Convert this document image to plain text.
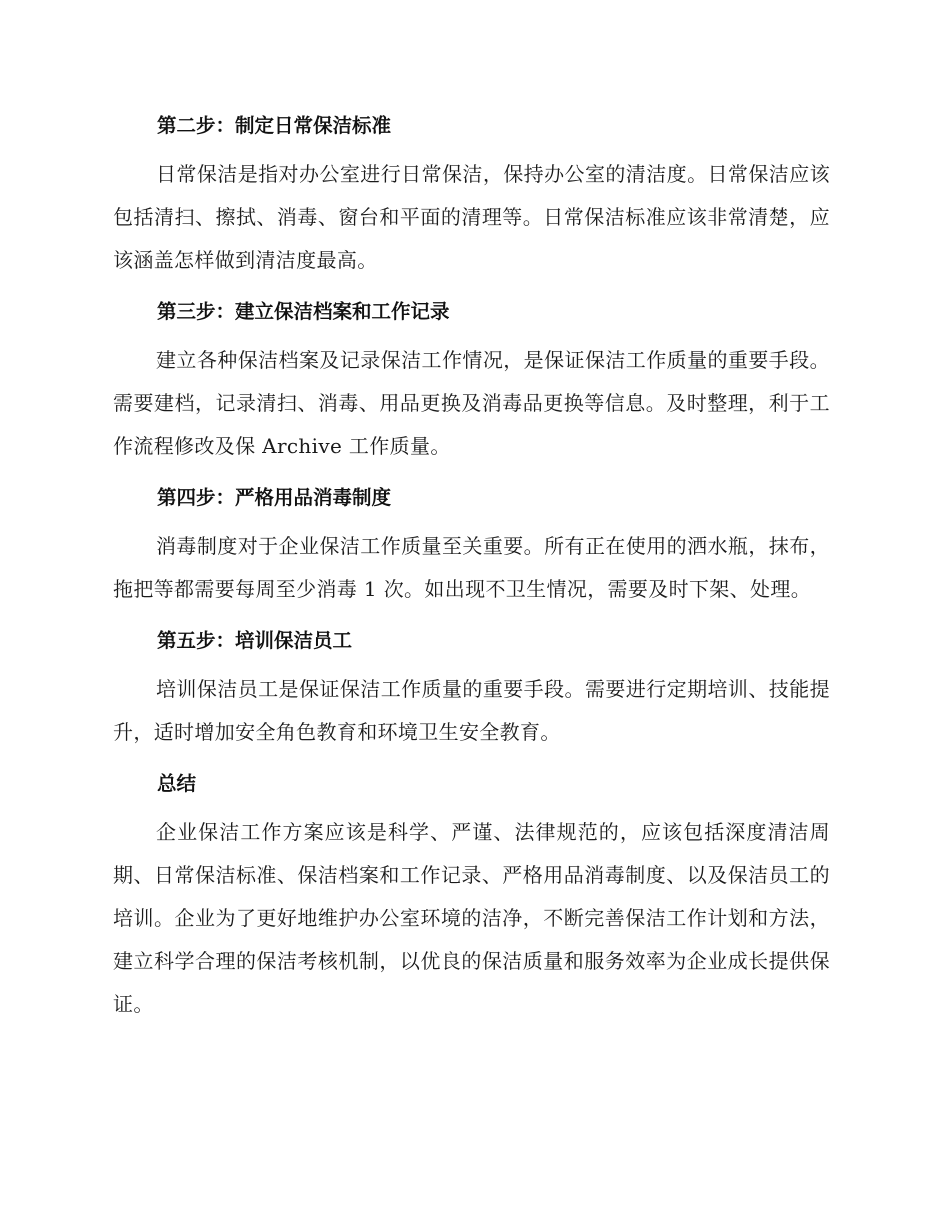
第二步：制定日常保洁标准

日常保洁是指对办公室进行日常保洁，保持办公室的清洁度。日常保洁应该包括清扫、擦拭、消毒、窗台和平面的清理等。日常保洁标准应该非常清楚，应该涵盖怎样做到清洁度最高。

第三步：建立保洁档案和工作记录

建立各种保洁档案及记录保洁工作情况，是保证保洁工作质量的重要手段。需要建档，记录清扫、消毒、用品更换及消毒品更换等信息。及时整理，利于工作流程修改及保 Archive 工作质量。

第四步：严格用品消毒制度

消毒制度对于企业保洁工作质量至关重要。所有正在使用的洒水瓶，抹布，拖把等都需要每周至少消毒 1 次。如出现不卫生情况，需要及时下架、处理。

第五步：培训保洁员工

培训保洁员工是保证保洁工作质量的重要手段。需要进行定期培训、技能提升，适时增加安全角色教育和环境卫生安全教育。

总结

企业保洁工作方案应该是科学、严谨、法律规范的，应该包括深度清洁周期、日常保洁标准、保洁档案和工作记录、严格用品消毒制度、以及保洁员工的培训。企业为了更好地维护办公室环境的洁净，不断完善保洁工作计划和方法，建立科学合理的保洁考核机制，以优良的保洁质量和服务效率为企业成长提供保证。
